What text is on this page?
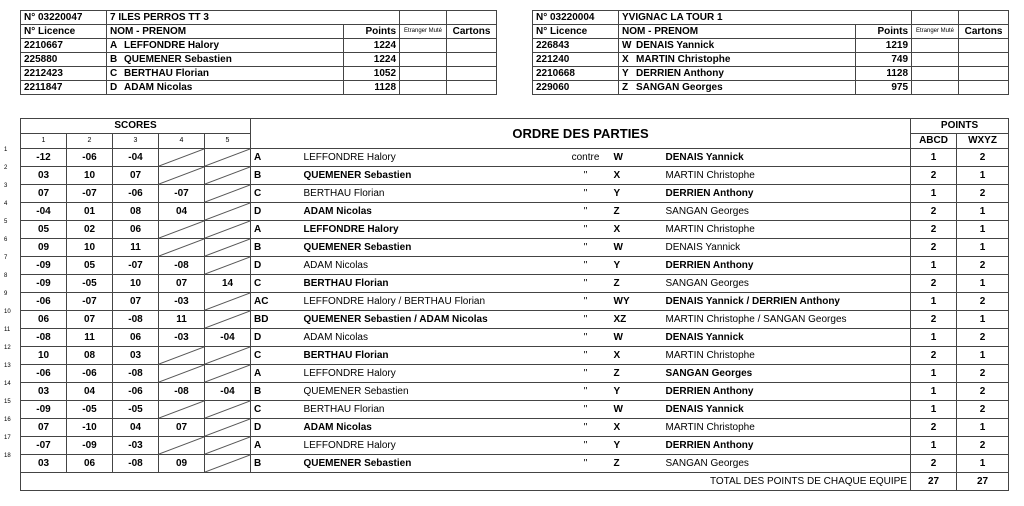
N° 03220047	7 ILES PERROS TT 3			
N° Licence	NOM - PRENOM	Points	Etranger Muté	Cartons
2210667	A LEFFONDRE Halory	1224		
225880	B QUEMENER Sebastien	1224		
2212423	C BERTHAU Florian	1052		
2211847	D ADAM Nicolas	1128		
N° 03220004	YVIGNAC LA TOUR 1			
N° Licence	NOM - PRENOM	Points	Etranger Muté	Cartons
226843	W DENAIS Yannick	1219		
221240	X MARTIN Christophe	749		
2210668	Y DERRIEN Anthony	1128		
229060	Z SANGAN Georges	975		
SCORES					ORDRE DES PARTIES					POINTS	
1	2	3	4	5						ABCD	WXYZ
-12	-06	-04			A	LEFFONDRE Halory	contre	W	DENAIS Yannick	1	2
03	10	07			B	QUEMENER Sebastien	"	X	MARTIN Christophe	2	1
07	-07	-06	-07		C	BERTHAU Florian	"	Y	DERRIEN Anthony	1	2
-04	01	08	04		D	ADAM Nicolas	"	Z	SANGAN Georges	2	1
05	02	06			A	LEFFONDRE Halory	"	X	MARTIN Christophe	2	1
09	10	11			B	QUEMENER Sebastien	"	W	DENAIS Yannick	2	1
-09	05	-07	-08		D	ADAM Nicolas	"	Y	DERRIEN Anthony	1	2
-09	-05	10	07	14	C	BERTHAU Florian	"	Z	SANGAN Georges	2	1
-06	-07	07	-03		AC	LEFFONDRE Halory / BERTHAU Florian	"	WY	DENAIS Yannick / DERRIEN Anthony	1	2
06	07	-08	11		BD	QUEMENER Sebastien / ADAM Nicolas	"	XZ	MARTIN Christophe / SANGAN Georges	2	1
-08	11	06	-03	-04	D	ADAM Nicolas	"	W	DENAIS Yannick	1	2
10	08	03			C	BERTHAU Florian	"	X	MARTIN Christophe	2	1
-06	-06	-08			A	LEFFONDRE Halory	"	Z	SANGAN Georges	1	2
03	04	-06	-08	-04	B	QUEMENER Sebastien	"	Y	DERRIEN Anthony	1	2
-09	-05	-05			C	BERTHAU Florian	"	W	DENAIS Yannick	1	2
07	-10	04	07		D	ADAM Nicolas	"	X	MARTIN Christophe	2	1
-07	-09	-03			A	LEFFONDRE Halory	"	Y	DERRIEN Anthony	1	2
03	06	-08	09		B	QUEMENER Sebastien	"	Z	SANGAN Georges	2	1
TOTAL DES POINTS DE CHAQUE EQUIPE										27	27
1
2
3
4
5
6
7
8
9
10
11
12
13
14
15
16
17
18
